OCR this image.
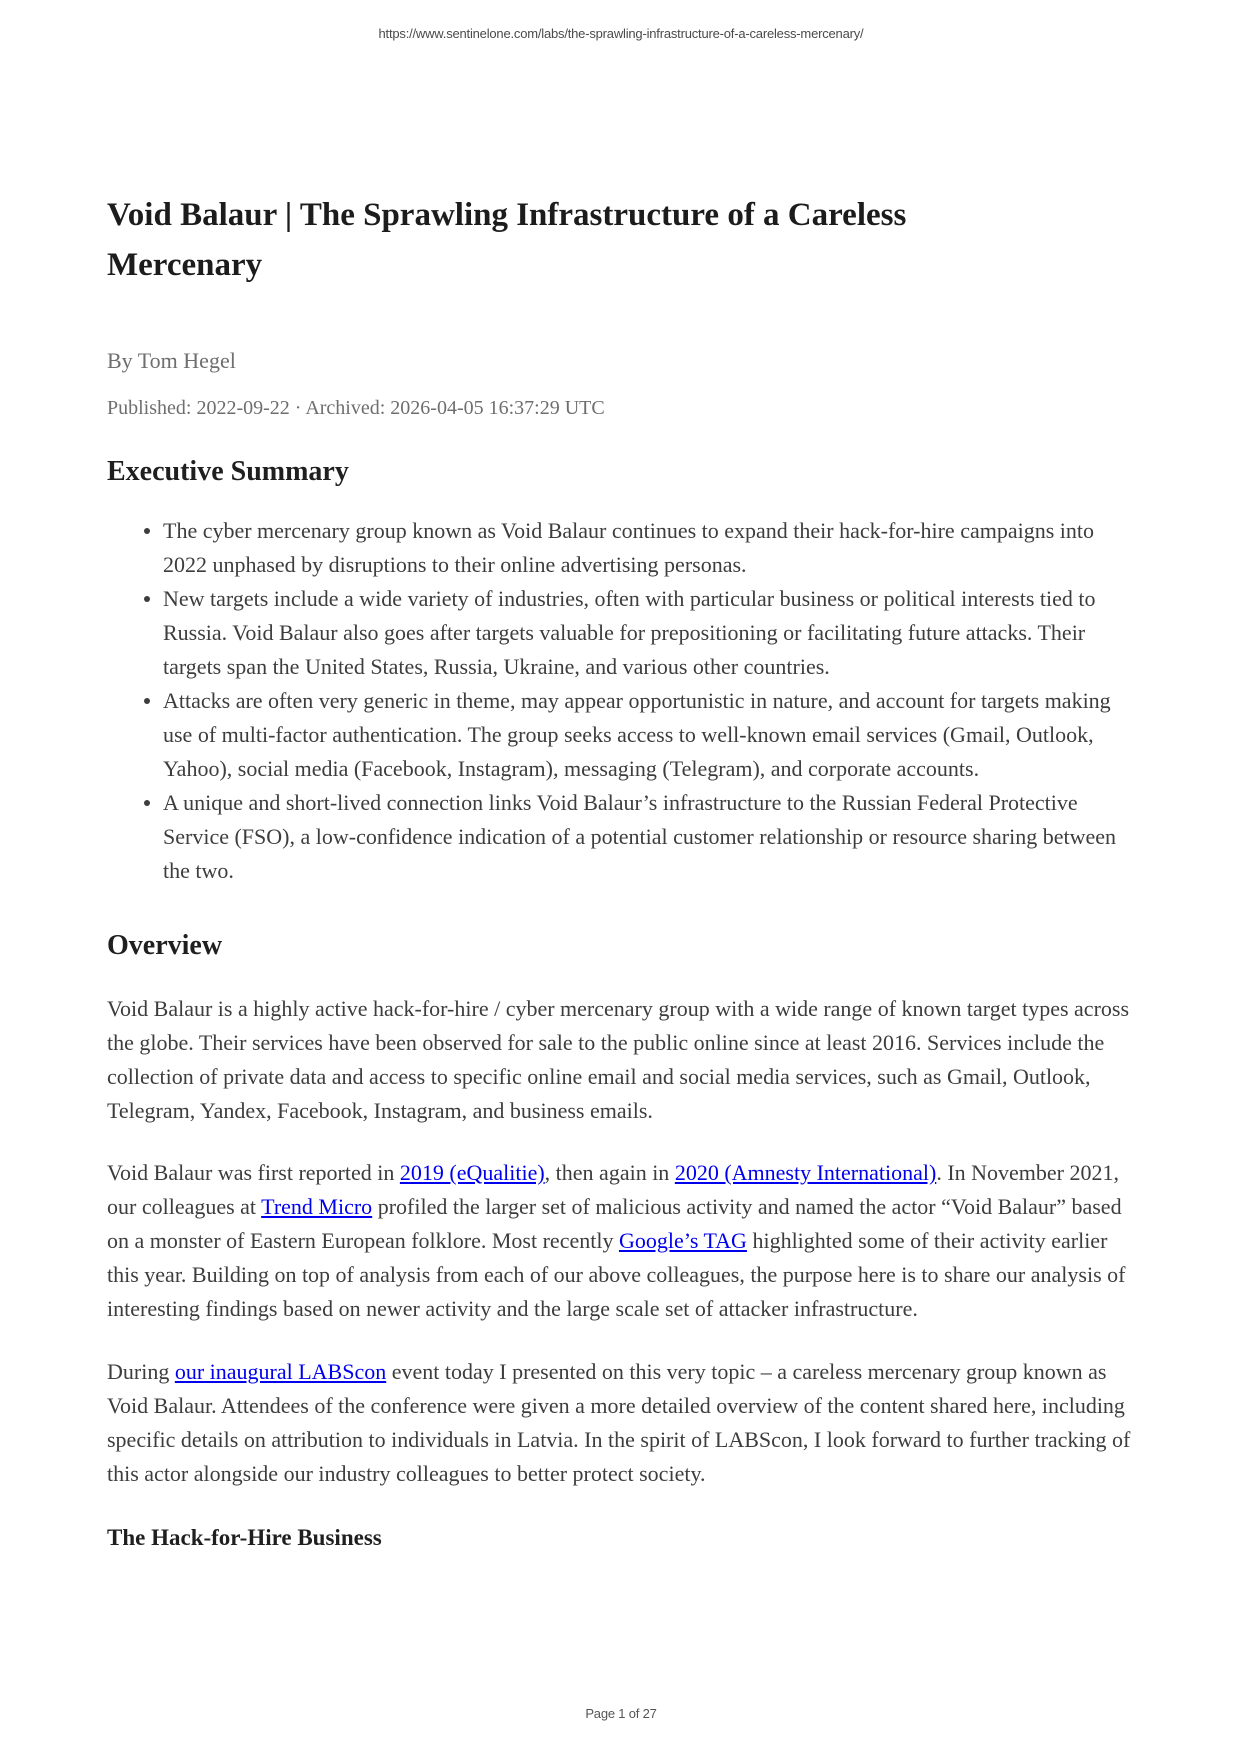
https://www.sentinelone.com/labs/the-sprawling-infrastructure-of-a-careless-mercenary/
Void Balaur | The Sprawling Infrastructure of a Careless Mercenary

By Tom Hegel

Published: 2022-09-22 · Archived: 2026-04-05 16:37:29 UTC

Executive Summary
The cyber mercenary group known as Void Balaur continues to expand their hack-for-hire campaigns into 2022 unphased by disruptions to their online advertising personas.
New targets include a wide variety of industries, often with particular business or political interests tied to Russia. Void Balaur also goes after targets valuable for prepositioning or facilitating future attacks. Their targets span the United States, Russia, Ukraine, and various other countries.
Attacks are often very generic in theme, may appear opportunistic in nature, and account for targets making use of multi-factor authentication. The group seeks access to well-known email services (Gmail, Outlook, Yahoo), social media (Facebook, Instagram), messaging (Telegram), and corporate accounts.
A unique and short-lived connection links Void Balaur’s infrastructure to the Russian Federal Protective Service (FSO), a low-confidence indication of a potential customer relationship or resource sharing between the two.
Overview

Void Balaur is a highly active hack-for-hire / cyber mercenary group with a wide range of known target types across the globe. Their services have been observed for sale to the public online since at least 2016. Services include the collection of private data and access to specific online email and social media services, such as Gmail, Outlook, Telegram, Yandex, Facebook, Instagram, and business emails.

Void Balaur was first reported in 2019 (eQualitie), then again in 2020 (Amnesty International). In November 2021, our colleagues at Trend Micro profiled the larger set of malicious activity and named the actor “Void Balaur” based on a monster of Eastern European folklore. Most recently Google’s TAG highlighted some of their activity earlier this year. Building on top of analysis from each of our above colleagues, the purpose here is to share our analysis of interesting findings based on newer activity and the large scale set of attacker infrastructure.

During our inaugural LABScon event today I presented on this very topic – a careless mercenary group known as Void Balaur. Attendees of the conference were given a more detailed overview of the content shared here, including specific details on attribution to individuals in Latvia. In the spirit of LABScon, I look forward to further tracking of this actor alongside our industry colleagues to better protect society.

The Hack-for-Hire Business
Page 1 of 27
